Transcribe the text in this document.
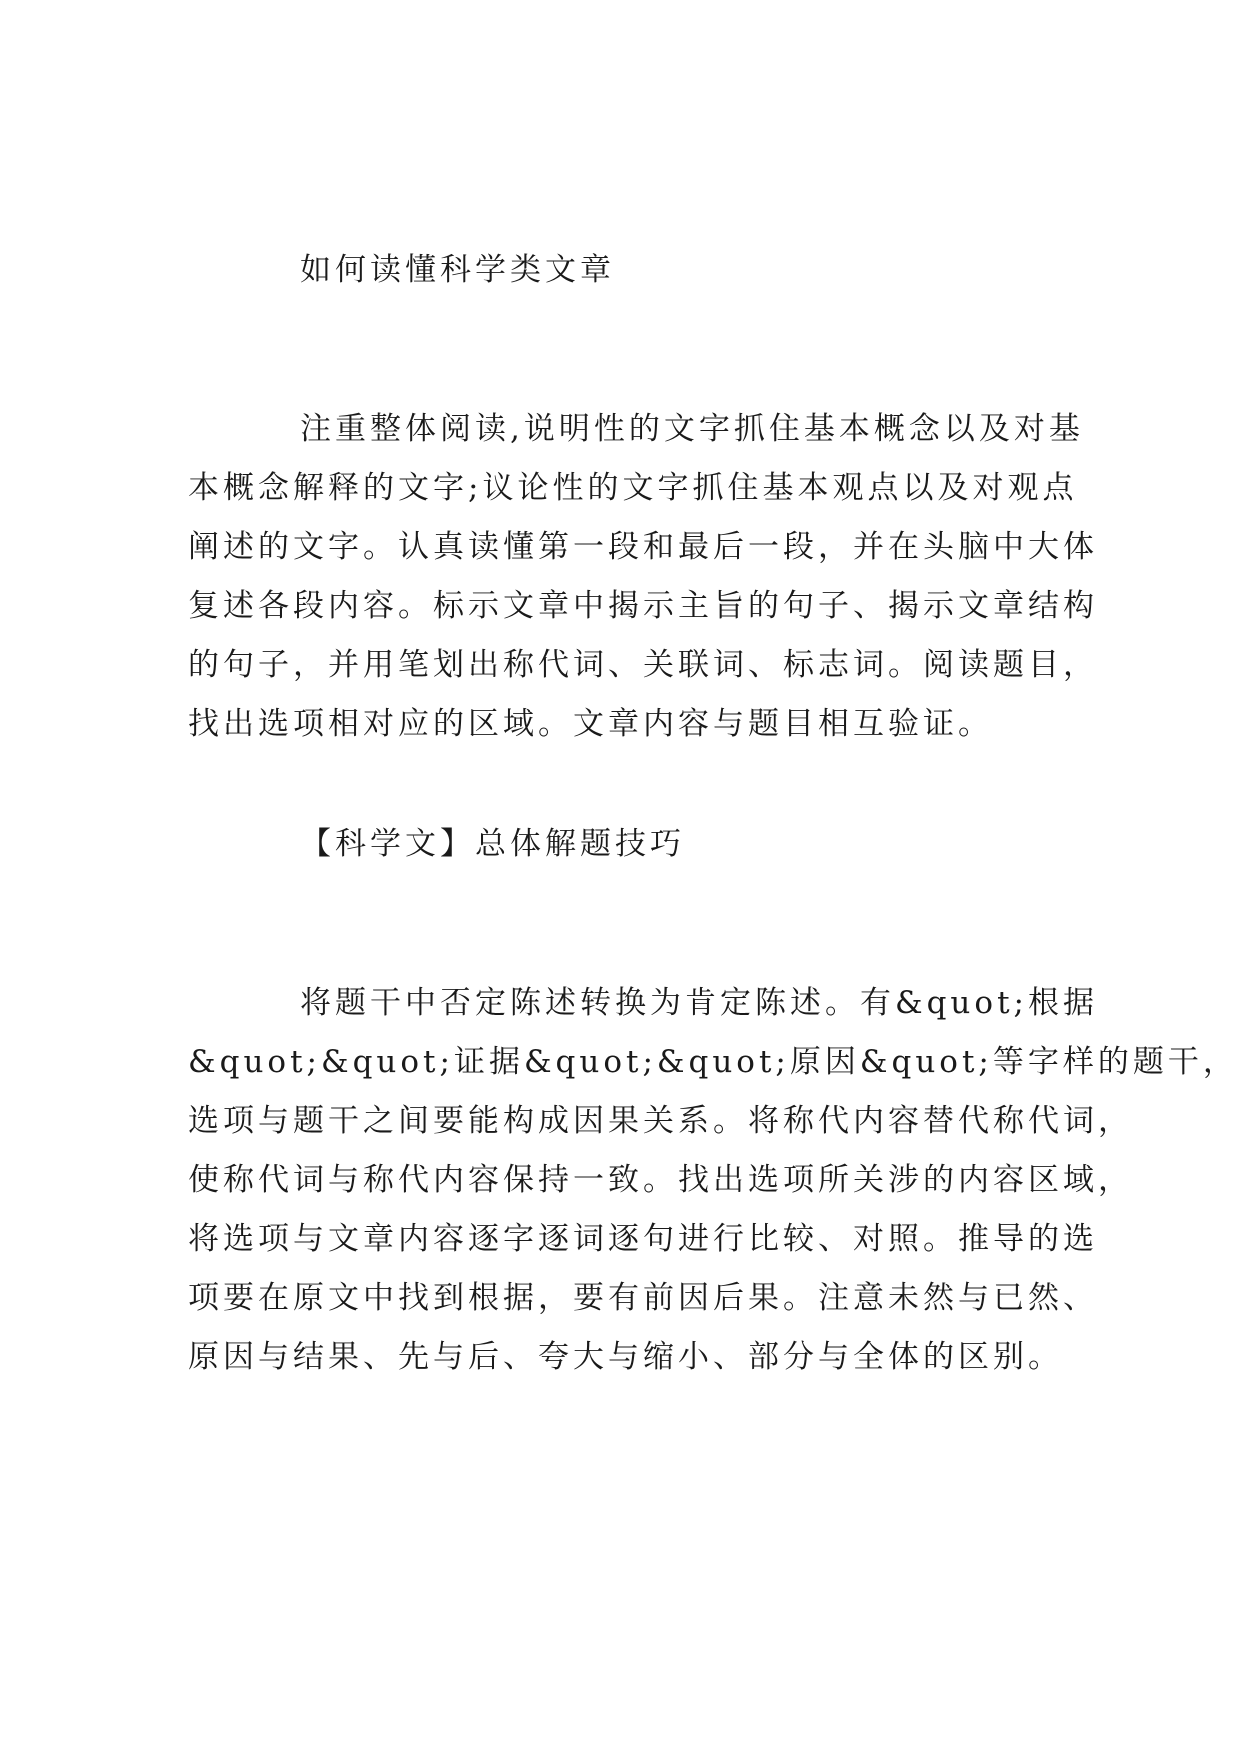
如何读懂科学类文章
注重整体阅读,说明性的文字抓住基本概念以及对基
本概念解释的文字;议论性的文字抓住基本观点以及对观点
阐述的文字。认真读懂第一段和最后一段，并在头脑中大体
复述各段内容。标示文章中揭示主旨的句子、揭示文章结构
的句子，并用笔划出称代词、关联词、标志词。阅读题目，
找出选项相对应的区域。文章内容与题目相互验证。
【科学文】总体解题技巧
将题干中否定陈述转换为肯定陈述。有&quot;根据
&quot;&quot;证据&quot;&quot;原因&quot;等字样的题干，
选项与题干之间要能构成因果关系。将称代内容替代称代词，
使称代词与称代内容保持一致。找出选项所关涉的内容区域，
将选项与文章内容逐字逐词逐句进行比较、对照。推导的选
项要在原文中找到根据，要有前因后果。注意未然与已然、
原因与结果、先与后、夸大与缩小、部分与全体的区别。
